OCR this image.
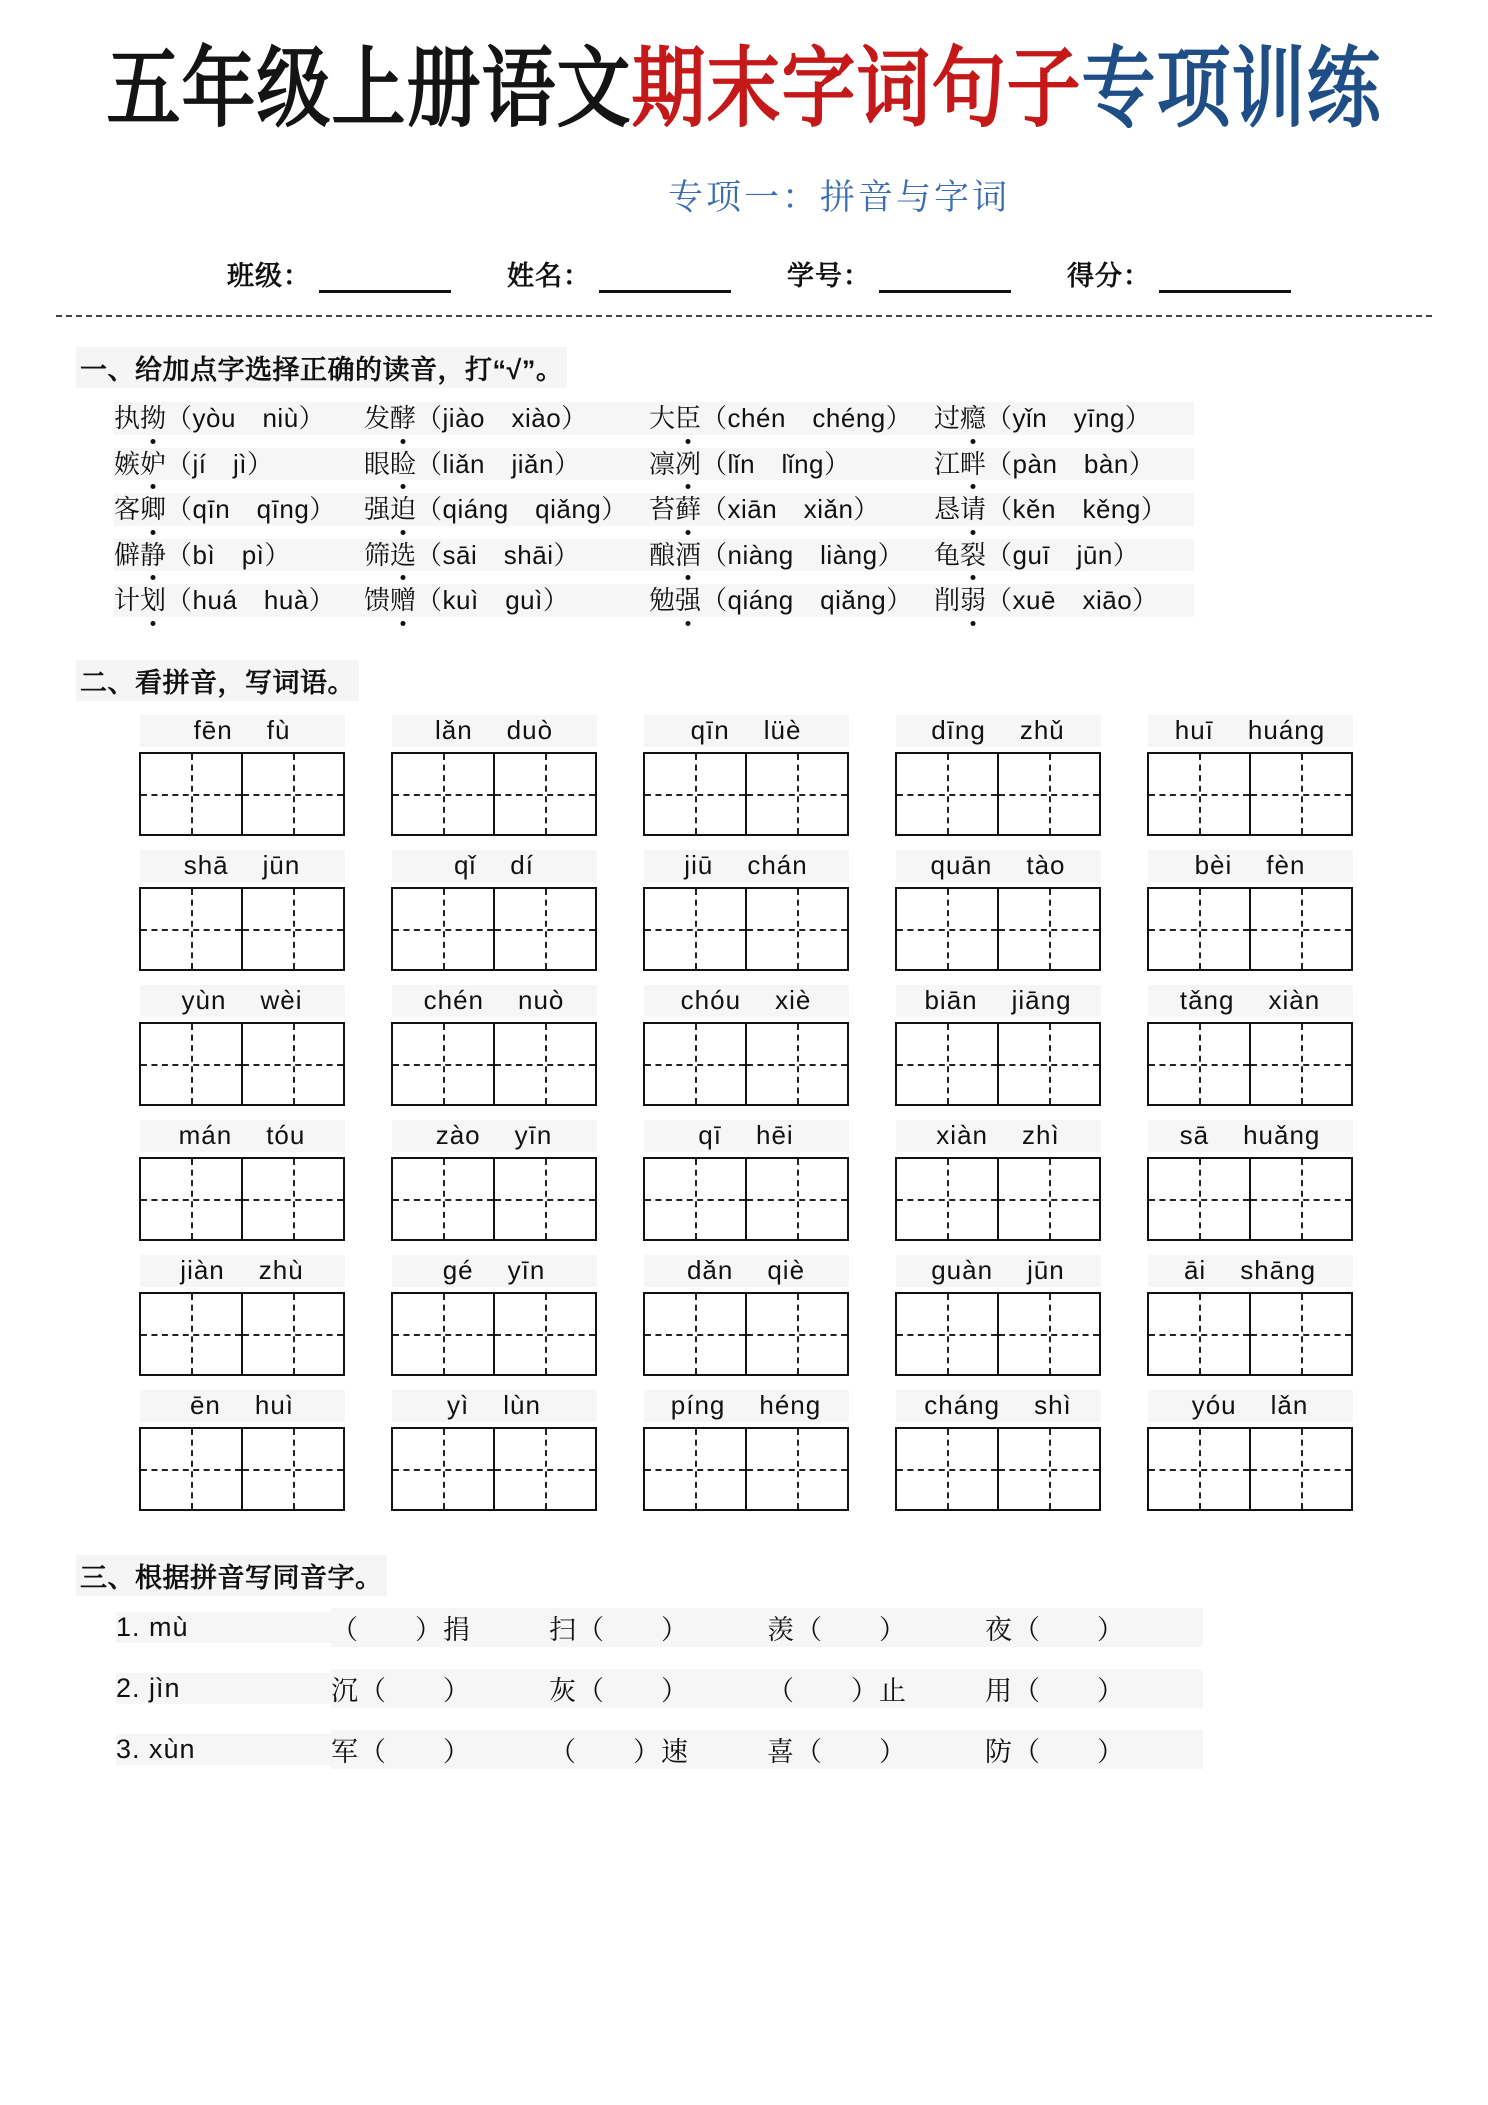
五年级上册语文期末字词句子专项训练
专项一：拼音与字词
班级：	姓名：	学号：	得分：
一、给加点字选择正确的读音，打“√”。
执拗（yòu　niù）	发酵（jiào　xiào）	大臣（chén　chéng） 过瘾（yǐn　yīng）
嫉妒（jí　jì）	眼睑（liǎn　jiǎn）	凛冽（lǐn　lǐng）	江畔（pàn　bàn）
客卿（qīn　qīng）	强迫（qiáng　qiǎng） 苔藓（xiān　xiǎn）	恳请（kěn　kěng）
僻静（bì　pì）	筛选（sāi　shāi）	酿酒（niàng　liàng）	龟裂（guī　jūn）
计划（huá　huà）	馈赠（kuì　guì）	勉强（qiáng　qiǎng） 削弱（xuē　xiāo）
二、看拼音，写词语。
fēn fù	lǎn duò	qīn lüè	dīng zhǔ	huī huáng
shā jūn	qǐ dí	jiū chán	quān tào	bèi fèn
yùn wèi	chén nuò	chóu xiè	biān jiāng	tǎng xiàn
mán tóu	zào yīn	qī hēi	xiàn zhì	sā huǎng
jiàn zhù	gé yīn	dǎn qiè	guàn jūn	āi shāng
ēn huì	yì lùn	píng héng	cháng shì	yóu lǎn
三、根据拼音写同音字。
1. mù	（　　）捐	扫（　　）	羡（　　）	夜（　　）
2. jìn	沉（　　）	灰（　　）	（　　）止	用（　　）
3. xùn	军（　　）	（　　）速	喜（　　）	防（　　）
